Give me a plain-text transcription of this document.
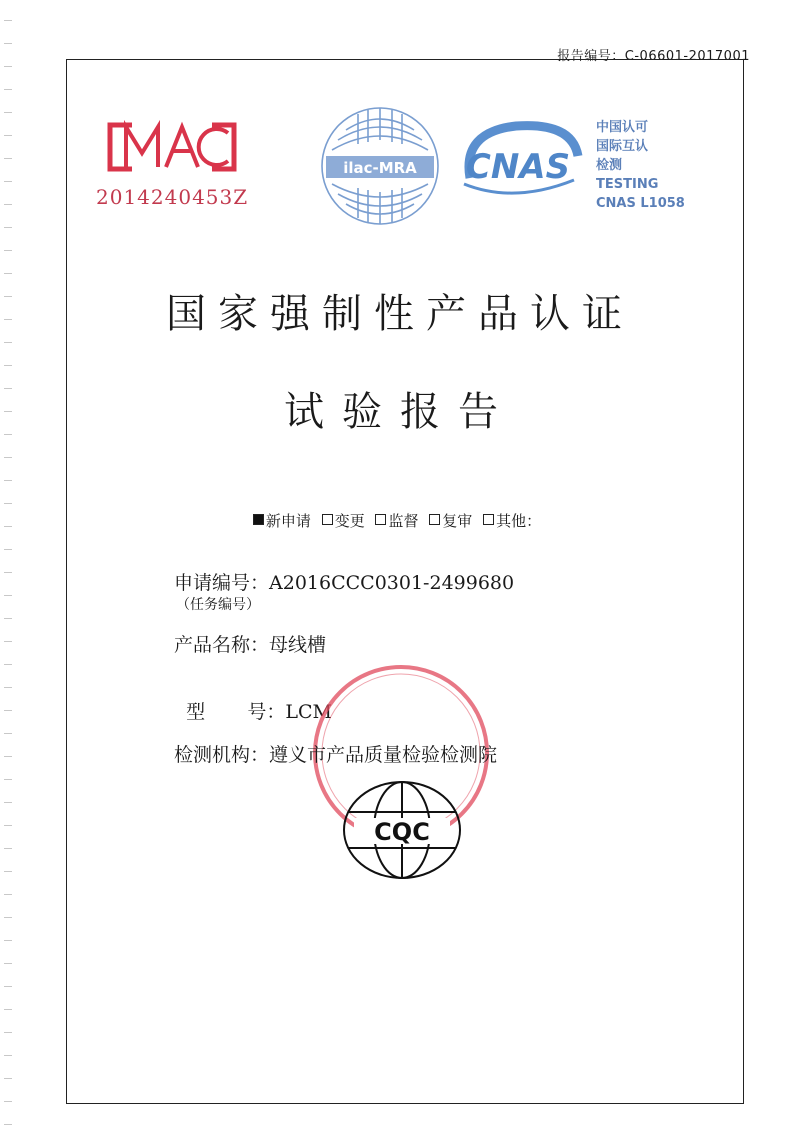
报告编号：C-06601-2017001
2014240453Z
ilac-MRA CNAS
中国认可
国际互认
检测
TESTING
CNAS L1058
国家强制性产品认证
试验报告
新申请 变更 监督 复审 其他：
申请编号：A2016CCC0301-2499680
（任务编号）
产品名称：母线槽

型       号：LCM

检测机构：遵义市产品质量检验检测院
CQC
